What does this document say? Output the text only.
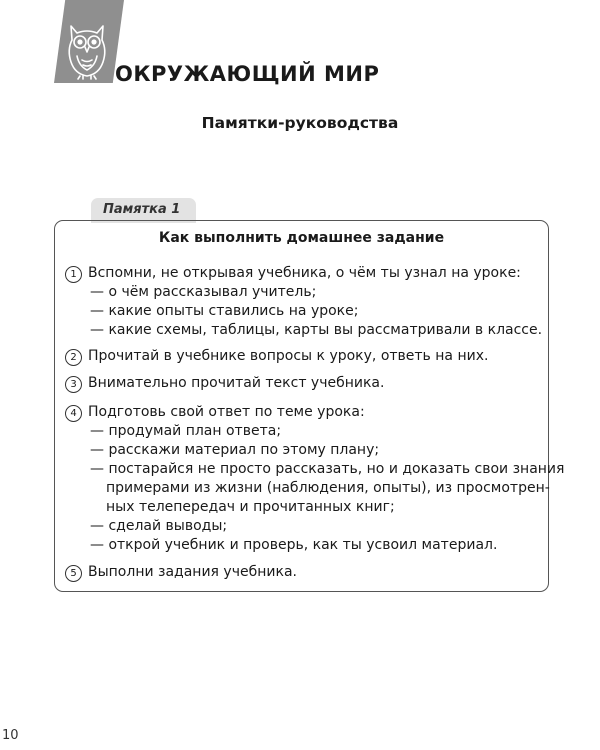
ОКРУЖАЮЩИЙ МИР
Памятки-руководства
Памятка 1
Как выполнить домашнее задание
1 Вспомни, не открывая учебника, о чём ты узнал на уроке:
— о чём рассказывал учитель;
— какие опыты ставились на уроке;
— какие схемы, таблицы, карты вы рассматривали в классе.
2 Прочитай в учебнике вопросы к уроку, ответь на них.
3 Внимательно прочитай текст учебника.
4 Подготовь свой ответ по теме урока:
— продумай план ответа;
— расскажи материал по этому плану;
— постарайся не просто рассказать, но и доказать свои знания
примерами из жизни (наблюдения, опыты), из просмотрен-
ных телепередач и прочитанных книг;
— сделай выводы;
— открой учебник и проверь, как ты усвоил материал.
5 Выполни задания учебника.
10
